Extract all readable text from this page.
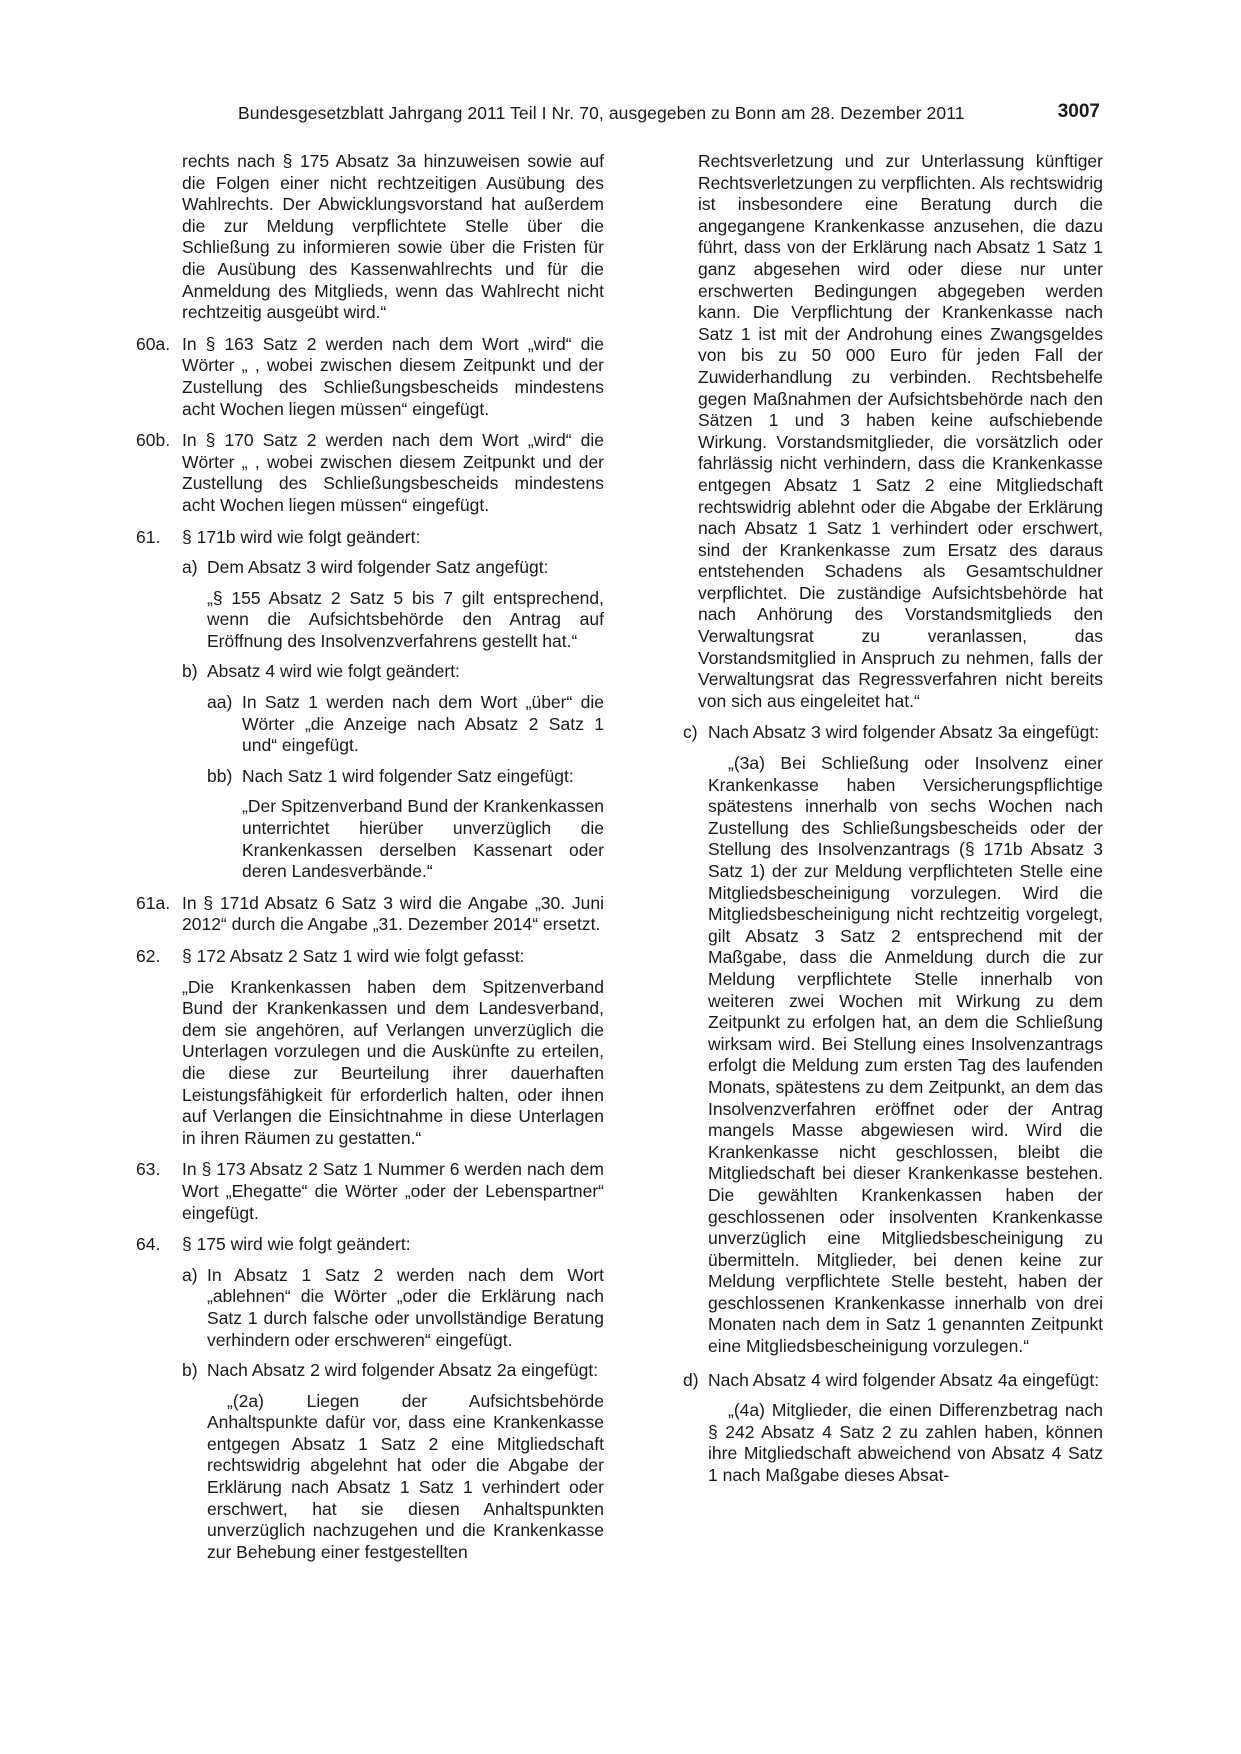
Bundesgesetzblatt Jahrgang 2011 Teil I Nr. 70, ausgegeben zu Bonn am 28. Dezember 2011	3007
rechts nach § 175 Absatz 3a hinzuweisen sowie auf die Folgen einer nicht rechtzeitigen Ausübung des Wahlrechts. Der Abwicklungsvorstand hat außerdem die zur Meldung verpflichtete Stelle über die Schließung zu informieren sowie über die Fristen für die Ausübung des Kassenwahlrechts und für die Anmeldung des Mitglieds, wenn das Wahlrecht nicht rechtzeitig ausgeübt wird.“
60a. In § 163 Satz 2 werden nach dem Wort „wird“ die Wörter „ , wobei zwischen diesem Zeitpunkt und der Zustellung des Schließungsbescheids mindestens acht Wochen liegen müssen“ eingefügt.
60b. In § 170 Satz 2 werden nach dem Wort „wird“ die Wörter „ , wobei zwischen diesem Zeitpunkt und der Zustellung des Schließungsbescheids mindestens acht Wochen liegen müssen“ eingefügt.
61. § 171b wird wie folgt geändert:
a) Dem Absatz 3 wird folgender Satz angefügt:
„§ 155 Absatz 2 Satz 5 bis 7 gilt entsprechend, wenn die Aufsichtsbehörde den Antrag auf Eröffnung des Insolvenzverfahrens gestellt hat.“
b) Absatz 4 wird wie folgt geändert:
aa) In Satz 1 werden nach dem Wort „über“ die Wörter „die Anzeige nach Absatz 2 Satz 1 und“ eingefügt.
bb) Nach Satz 1 wird folgender Satz eingefügt:
„Der Spitzenverband Bund der Krankenkassen unterrichtet hierüber unverzüglich die Krankenkassen derselben Kassenart oder deren Landesverbände.“
61a. In § 171d Absatz 6 Satz 3 wird die Angabe „30. Juni 2012“ durch die Angabe „31. Dezember 2014“ ersetzt.
62. § 172 Absatz 2 Satz 1 wird wie folgt gefasst:
„Die Krankenkassen haben dem Spitzenverband Bund der Krankenkassen und dem Landesverband, dem sie angehören, auf Verlangen unverzüglich die Unterlagen vorzulegen und die Auskünfte zu erteilen, die diese zur Beurteilung ihrer dauerhaften Leistungsfähigkeit für erforderlich halten, oder ihnen auf Verlangen die Einsichtnahme in diese Unterlagen in ihren Räumen zu gestatten.“
63. In § 173 Absatz 2 Satz 1 Nummer 6 werden nach dem Wort „Ehegatte“ die Wörter „oder der Lebenspartner“ eingefügt.
64. § 175 wird wie folgt geändert:
a) In Absatz 1 Satz 2 werden nach dem Wort „ablehnen“ die Wörter „oder die Erklärung nach Satz 1 durch falsche oder unvollständige Beratung verhindern oder erschweren“ eingefügt.
b) Nach Absatz 2 wird folgender Absatz 2a eingefügt:
„(2a) Liegen der Aufsichtsbehörde Anhaltspunkte dafür vor, dass eine Krankenkasse entgegen Absatz 1 Satz 2 eine Mitgliedschaft rechtswidrig abgelehnt hat oder die Abgabe der Erklärung nach Absatz 1 Satz 1 verhindert oder erschwert, hat sie diesen Anhaltspunkten unverzüglich nachzugehen und die Krankenkasse zur Behebung einer festgestellten
Rechtsverletzung und zur Unterlassung künftiger Rechtsverletzungen zu verpflichten. Als rechtswidrig ist insbesondere eine Beratung durch die angegangene Krankenkasse anzusehen, die dazu führt, dass von der Erklärung nach Absatz 1 Satz 1 ganz abgesehen wird oder diese nur unter erschwerten Bedingungen abgegeben werden kann. Die Verpflichtung der Krankenkasse nach Satz 1 ist mit der Androhung eines Zwangsgeldes von bis zu 50 000 Euro für jeden Fall der Zuwiderhandlung zu verbinden. Rechtsbehelfe gegen Maßnahmen der Aufsichtsbehörde nach den Sätzen 1 und 3 haben keine aufschiebende Wirkung. Vorstandsmitglieder, die vorsätzlich oder fahrlässig nicht verhindern, dass die Krankenkasse entgegen Absatz 1 Satz 2 eine Mitgliedschaft rechtswidrig ablehnt oder die Abgabe der Erklärung nach Absatz 1 Satz 1 verhindert oder erschwert, sind der Krankenkasse zum Ersatz des daraus entstehenden Schadens als Gesamtschuldner verpflichtet. Die zuständige Aufsichtsbehörde hat nach Anhörung des Vorstandsmitglieds den Verwaltungsrat zu veranlassen, das Vorstandsmitglied in Anspruch zu nehmen, falls der Verwaltungsrat das Regressverfahren nicht bereits von sich aus eingeleitet hat.“
c) Nach Absatz 3 wird folgender Absatz 3a eingefügt:
„(3a) Bei Schließung oder Insolvenz einer Krankenkasse haben Versicherungspflichtige spätestens innerhalb von sechs Wochen nach Zustellung des Schließungsbescheids oder der Stellung des Insolvenzantrags (§ 171b Absatz 3 Satz 1) der zur Meldung verpflichteten Stelle eine Mitgliedsbescheinigung vorzulegen. Wird die Mitgliedsbescheinigung nicht rechtzeitig vorgelegt, gilt Absatz 3 Satz 2 entsprechend mit der Maßgabe, dass die Anmeldung durch die zur Meldung verpflichtete Stelle innerhalb von weiteren zwei Wochen mit Wirkung zu dem Zeitpunkt zu erfolgen hat, an dem die Schließung wirksam wird. Bei Stellung eines Insolvenzantrags erfolgt die Meldung zum ersten Tag des laufenden Monats, spätestens zu dem Zeitpunkt, an dem das Insolvenzverfahren eröffnet oder der Antrag mangels Masse abgewiesen wird. Wird die Krankenkasse nicht geschlossen, bleibt die Mitgliedschaft bei dieser Krankenkasse bestehen. Die gewählten Krankenkassen haben der geschlossenen oder insolventen Krankenkasse unverzüglich eine Mitgliedsbescheinigung zu übermitteln. Mitglieder, bei denen keine zur Meldung verpflichtete Stelle besteht, haben der geschlossenen Krankenkasse innerhalb von drei Monaten nach dem in Satz 1 genannten Zeitpunkt eine Mitgliedsbescheinigung vorzulegen.“
d) Nach Absatz 4 wird folgender Absatz 4a eingefügt:
„(4a) Mitglieder, die einen Differenzbetrag nach § 242 Absatz 4 Satz 2 zu zahlen haben, können ihre Mitgliedschaft abweichend von Absatz 4 Satz 1 nach Maßgabe dieses Absat-
